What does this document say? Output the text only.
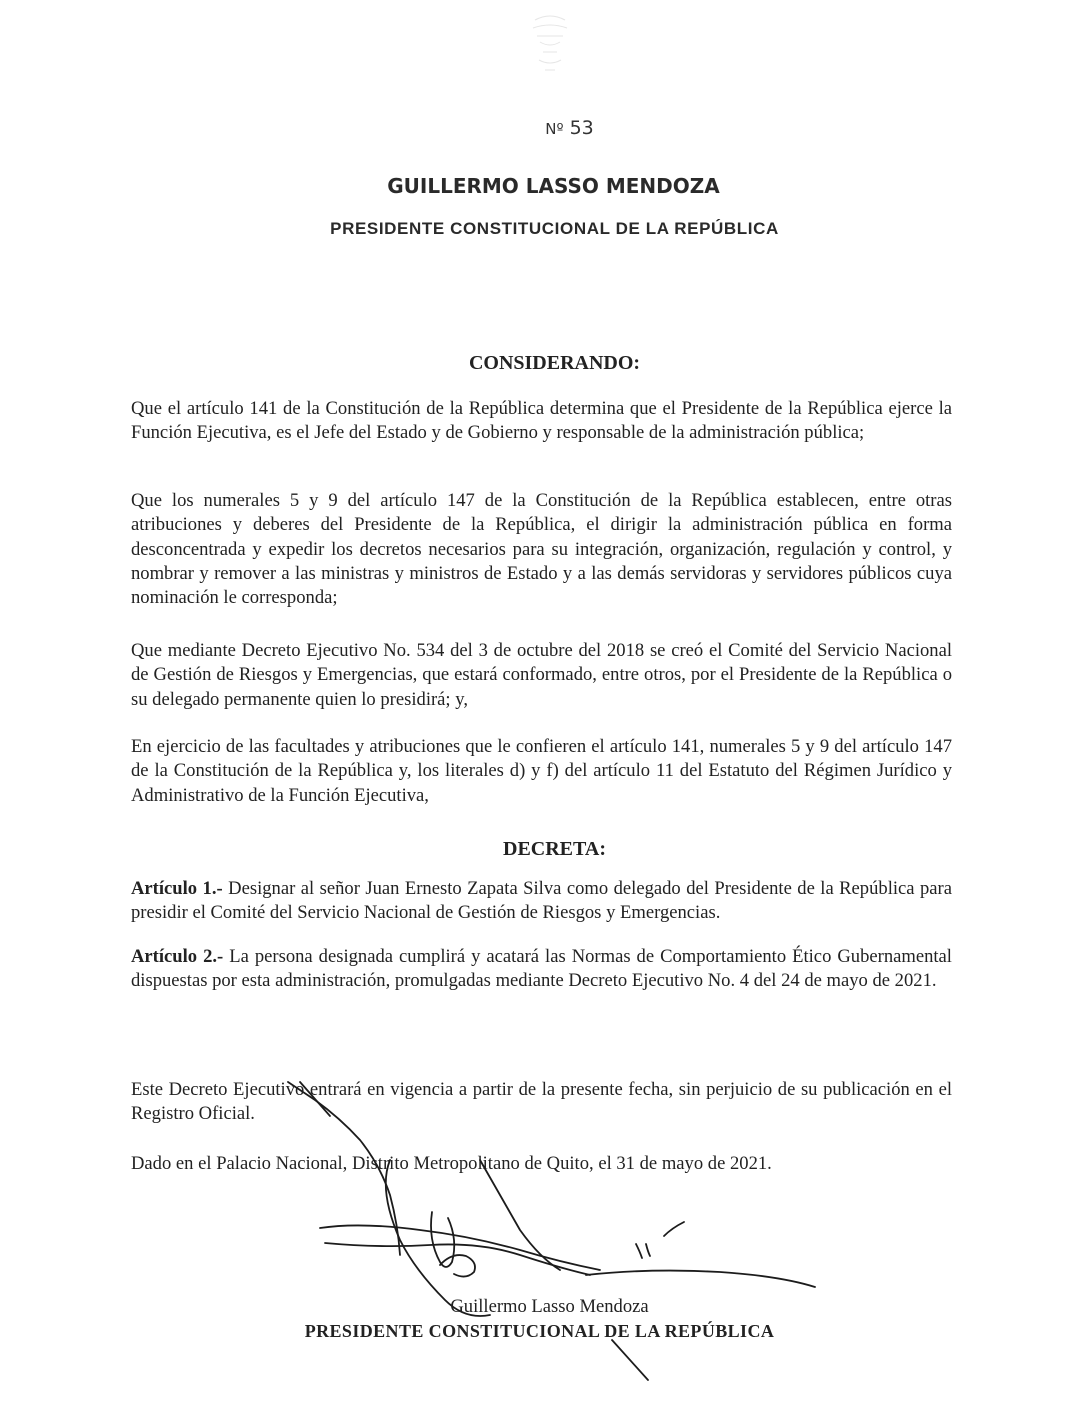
Nº 53
GUILLERMO LASSO MENDOZA
PRESIDENTE CONSTITUCIONAL DE LA REPÚBLICA
CONSIDERANDO:

Que el artículo 141 de la Constitución de la República determina que el Presidente de la República ejerce la Función Ejecutiva, es el Jefe del Estado y de Gobierno y responsable de la administración pública;

Que los numerales 5 y 9 del artículo 147 de la Constitución de la República establecen, entre otras atribuciones y deberes del Presidente de la República, el dirigir la administración pública en forma desconcentrada y expedir los decretos necesarios para su integración, organización, regulación y control, y nombrar y remover a las ministras y ministros de Estado y a las demás servidoras y servidores públicos cuya nominación le corresponda;

Que mediante Decreto Ejecutivo No. 534 del 3 de octubre del 2018 se creó el Comité del Servicio Nacional de Gestión de Riesgos y Emergencias, que estará conformado, entre otros, por el Presidente de la República o su delegado permanente quien lo presidirá; y,

En ejercicio de las facultades y atribuciones que le confieren el artículo 141, numerales 5 y 9 del artículo 147 de la Constitución de la República y, los literales d) y f) del artículo 11 del Estatuto del Régimen Jurídico y Administrativo de la Función Ejecutiva,

DECRETA:

Artículo 1.- Designar al señor Juan Ernesto Zapata Silva como delegado del Presidente de la República para presidir el Comité del Servicio Nacional de Gestión de Riesgos y Emergencias.

Artículo 2.- La persona designada cumplirá y acatará las Normas de Comportamiento Ético Gubernamental dispuestas por esta administración, promulgadas mediante Decreto Ejecutivo No. 4 del 24 de mayo de 2021.

Este Decreto Ejecutivo entrará en vigencia a partir de la presente fecha, sin perjuicio de su publicación en el Registro Oficial.

Dado en el Palacio Nacional, Distrito Metropolitano de Quito, el 31 de mayo de 2021.

Guillermo Lasso Mendoza
PRESIDENTE CONSTITUCIONAL DE LA REPÚBLICA
